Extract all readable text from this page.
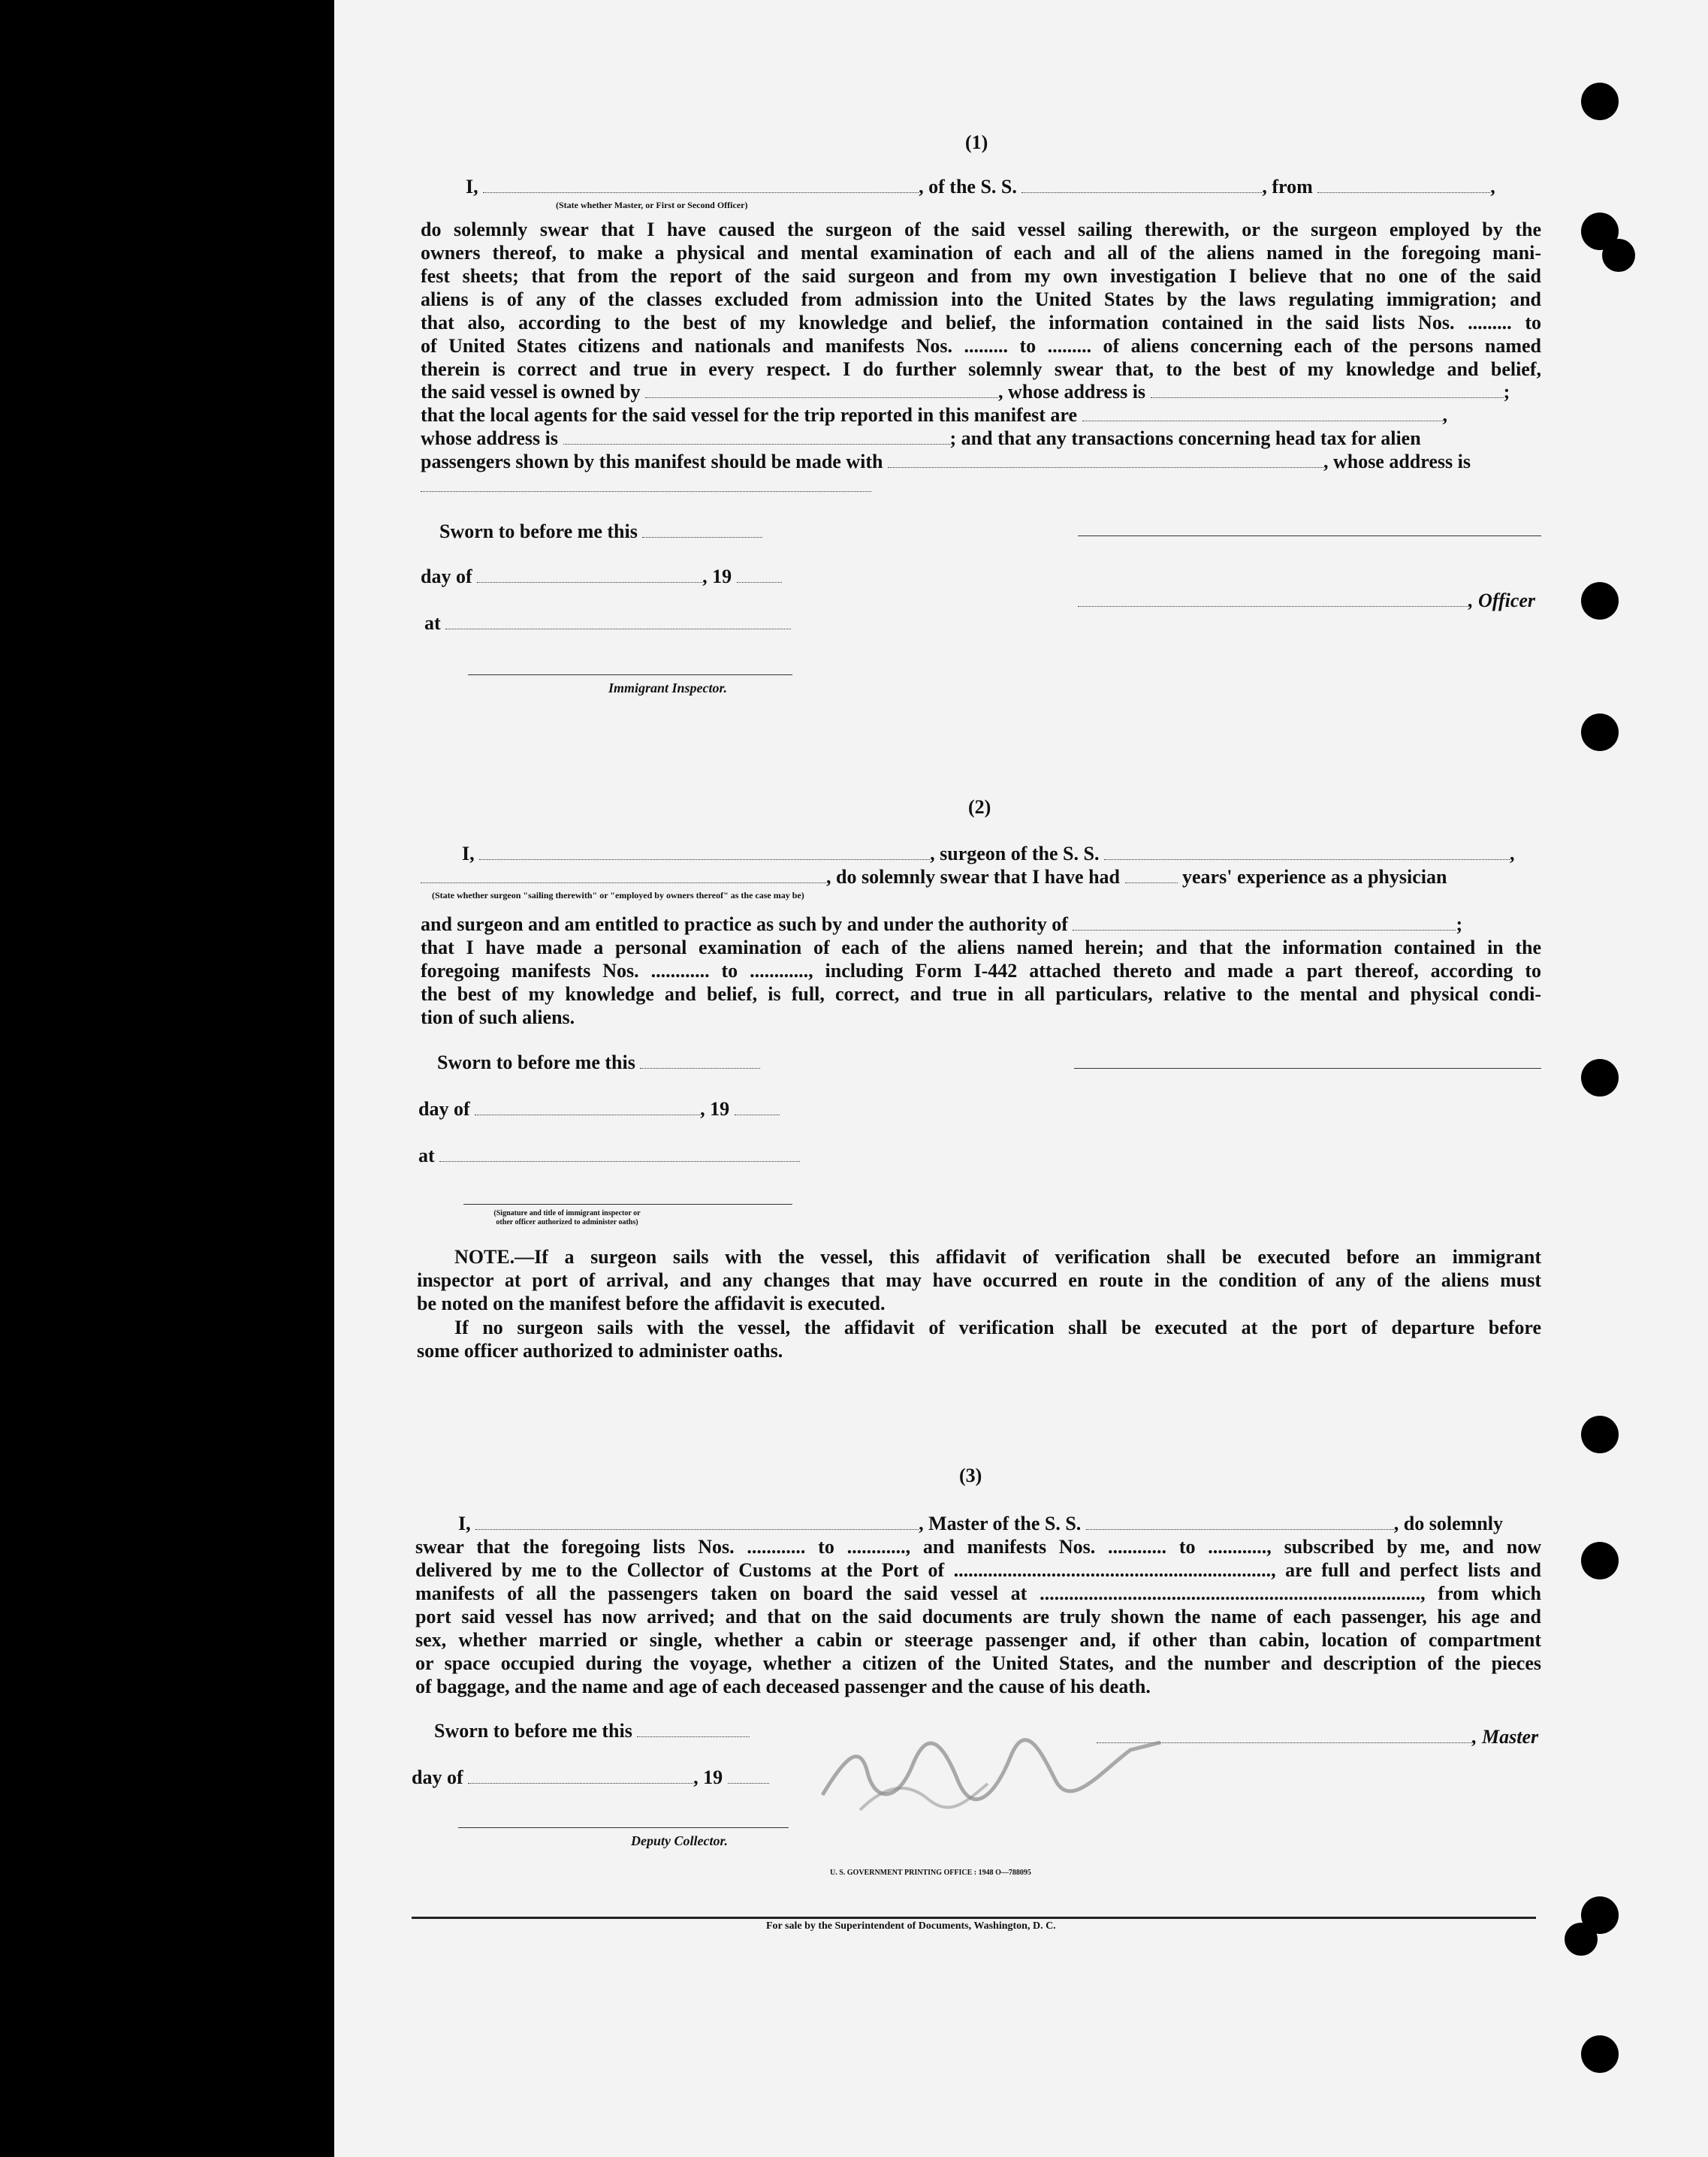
(1)
I,	, of the S. S.	, from	,
(State whether Master, or First or Second Officer)
do solemnly swear that I have caused the surgeon of the said vessel sailing therewith, or the surgeon employed by the
owners thereof, to make a physical and mental examination of each and all of the aliens named in the foregoing mani-
fest sheets; that from the report of the said surgeon and from my own investigation I believe that no one of the said
aliens is of any of the classes excluded from admission into the United States by the laws regulating immigration; and
that also, according to the best of my knowledge and belief, the information contained in the said lists Nos. ......... to
of United States citizens and nationals and manifests Nos. ......... to ......... of aliens concerning each of the persons named
therein is correct and true in every respect. I do further solemnly swear that, to the best of my knowledge and belief,
the said vessel is owned by	, whose address is	;
that the local agents for the said vessel for the trip reported in this manifest are	,
whose address is	; and that any transactions concerning head tax for alien
passengers shown by this manifest should be made with	, whose address is
Sworn to before me this
day of	, 19
, Officer
at
Immigrant Inspector.
(2)
I,	, surgeon of the S. S.	,
, do solemnly swear that I have had	years' experience as a physician
(State whether surgeon "sailing therewith" or "employed by owners thereof" as the case may be)
and surgeon and am entitled to practice as such by and under the authority of	;
that I have made a personal examination of each of the aliens named herein; and that the information contained in the
foregoing manifests Nos. ............ to ............, including Form I-442 attached thereto and made a part thereof, according to
the best of my knowledge and belief, is full, correct, and true in all particulars, relative to the mental and physical condi-
tion of such aliens.
Sworn to before me this
day of	, 19
at
(Signature and title of immigrant inspector or
other officer authorized to administer oaths)
NOTE.—If a surgeon sails with the vessel, this affidavit of verification shall be executed before an immigrant
inspector at port of arrival, and any changes that may have occurred en route in the condition of any of the aliens must
be noted on the manifest before the affidavit is executed.
If no surgeon sails with the vessel, the affidavit of verification shall be executed at the port of departure before
some officer authorized to administer oaths.
(3)
I,	, Master of the S. S.	, do solemnly
swear that the foregoing lists Nos. ............ to ............, and manifests Nos. ............ to ............, subscribed by me, and now
delivered by me to the Collector of Customs at the Port of ................................................................., are full and perfect lists and
manifests of all the passengers taken on board the said vessel at .............................................................................., from which
port said vessel has now arrived; and that on the said documents are truly shown the name of each passenger, his age and
sex, whether married or single, whether a cabin or steerage passenger and, if other than cabin, location of compartment
or space occupied during the voyage, whether a citizen of the United States, and the number and description of the pieces
of baggage, and the name and age of each deceased passenger and the cause of his death.
Sworn to before me this	, Master
day of	, 19
Deputy Collector.
U. S. GOVERNMENT PRINTING OFFICE : 1948 O—788095
For sale by the Superintendent of Documents, Washington, D. C.
